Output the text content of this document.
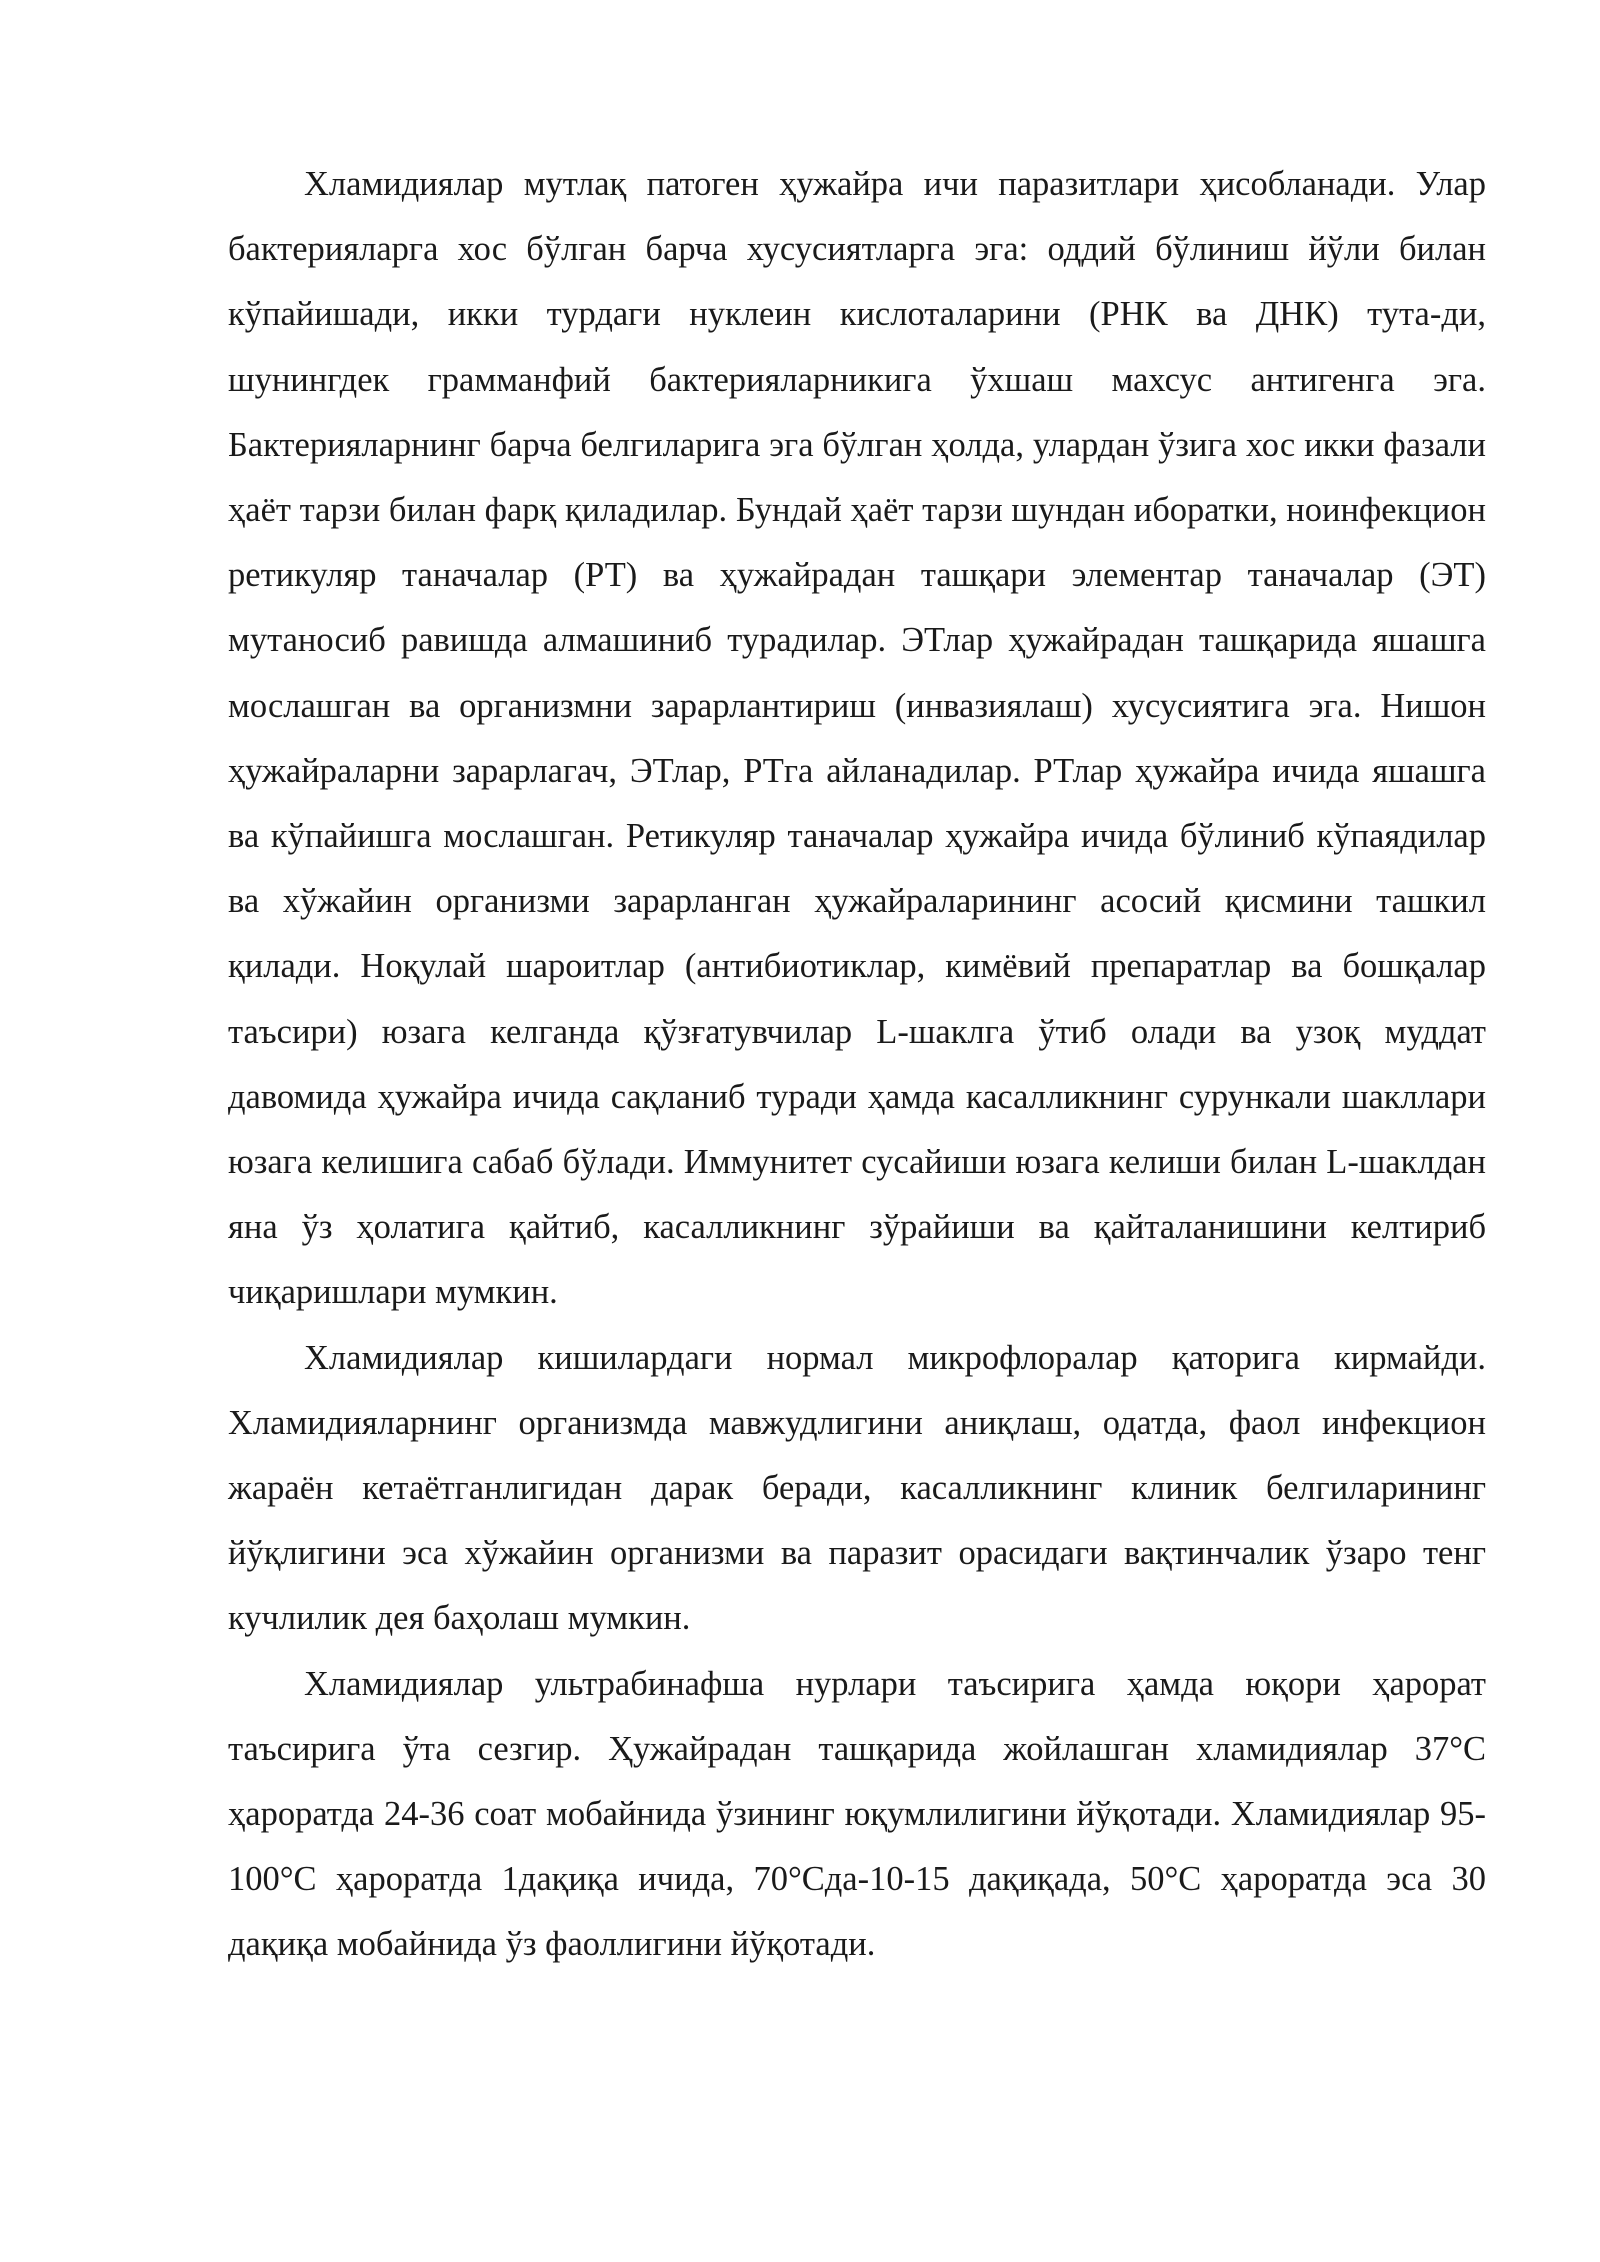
Хламидиялар мутлақ патоген ҳужайра ичи паразитлари ҳисобланади. Улар бактерияларга хос бўлган барча хусусиятларга эга: оддий бўлиниш йўли билан кўпайишади, икки турдаги нуклеин кислоталарини (РНК ва ДНК) тута-ди, шунингдек грамманфий бактерияларникига ўхшаш махсус антигенга эга. Бактерияларнинг барча белгиларига эга бўлган ҳолда, улардан ўзига хос икки фазали ҳаёт тарзи билан фарқ қиладилар. Бундай ҳаёт тарзи шундан иборатки, ноинфекцион ретикуляр таначалар (РТ) ва ҳужайрадан ташқари элементар таначалар (ЭТ) мутаносиб равишда алмашиниб турадилар. ЭТлар ҳужайрадан ташқарида яшашга мослашган ва организмни зарарлантириш (инвазиялаш) хусусиятига эга. Нишон ҳужайраларни зарарлагач, ЭТлар, РТга айланадилар. РТлар ҳужайра ичида яшашга ва кўпайишга мослашган. Ретикуляр таначалар ҳужайра ичида бўлиниб кўпаядилар ва хўжайин организми зарарланган ҳужайраларининг асосий қисмини ташкил қилади. Ноқулай шароитлар (антибиотиклар, кимёвий препаратлар ва бошқалар таъсири) юзага келганда қўзғатувчилар L-шаклга ўтиб олади ва узоқ муддат давомида ҳужайра ичида сақланиб туради ҳамда касалликнинг сурункали шакллари юзага келишига сабаб бўлади. Иммунитет сусайиши юзага келиши билан L-шаклдан яна ўз ҳолатига қайтиб, касалликнинг зўрайиши ва қайталанишини келтириб чиқаришлари мумкин.

Хламидиялар кишилардаги нормал микрофлоралар қаторига кирмайди. Хламидияларнинг организмда мавжудлигини аниқлаш, одатда, фаол инфекцион жараён кетаётганлигидан дарак беради, касалликнинг клиник белгиларининг йўқлигини эса хўжайин организми ва паразит орасидаги вақтинчалик ўзаро тенг кучлилик дея баҳолаш мумкин.

Хламидиялар ультрабинафша нурлари таъсирига ҳамда юқори ҳарорат таъсирига ўта сезгир. Ҳужайрадан ташқарида жойлашган хламидиялар 37°С ҳароратда 24-36 соат мобайнида ўзининг юқумлилигини йўқотади. Хламидиялар 95-100°С ҳароратда 1дақиқа ичида, 70°Сда-10-15 дақиқада, 50°С ҳароратда эса 30 дақиқа мобайнида ўз фаоллигини йўқотади.
